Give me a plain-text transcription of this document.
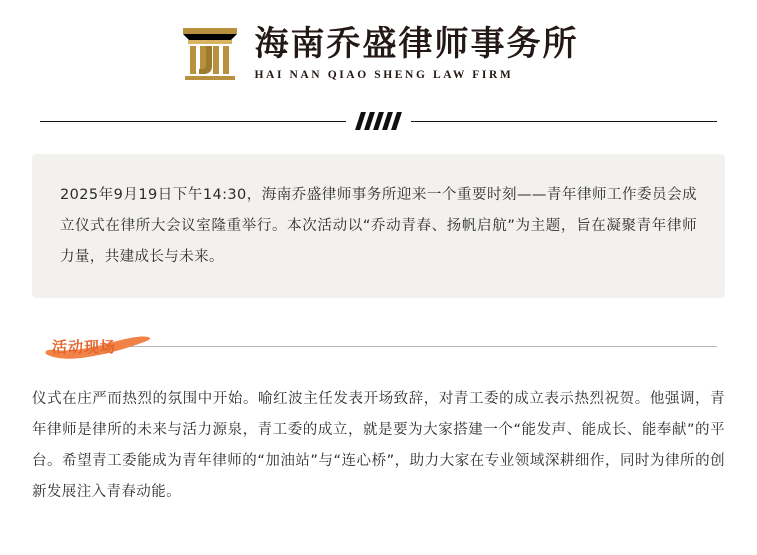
海南乔盛律师事务所
HAI NAN QIAO SHENG LAW FIRM

2025年9月19日下午14:30，海南乔盛律师事务所迎来一个重要时刻——青年律师工作委员会成立仪式在律所大会议室隆重举行。本次活动以“乔动青春、扬帆启航”为主题，旨在凝聚青年律师力量，共建成长与未来。

活动现场

仪式在庄严而热烈的氛围中开始。喻红波主任发表开场致辞，对青工委的成立表示热烈祝贺。他强调，青年律师是律所的未来与活力源泉，青工委的成立，就是要为大家搭建一个“能发声、能成长、能奉献”的平台。希望青工委能成为青年律师的“加油站”与“连心桥”，助力大家在专业领域深耕细作，同时为律所的创新发展注入青春动能。
